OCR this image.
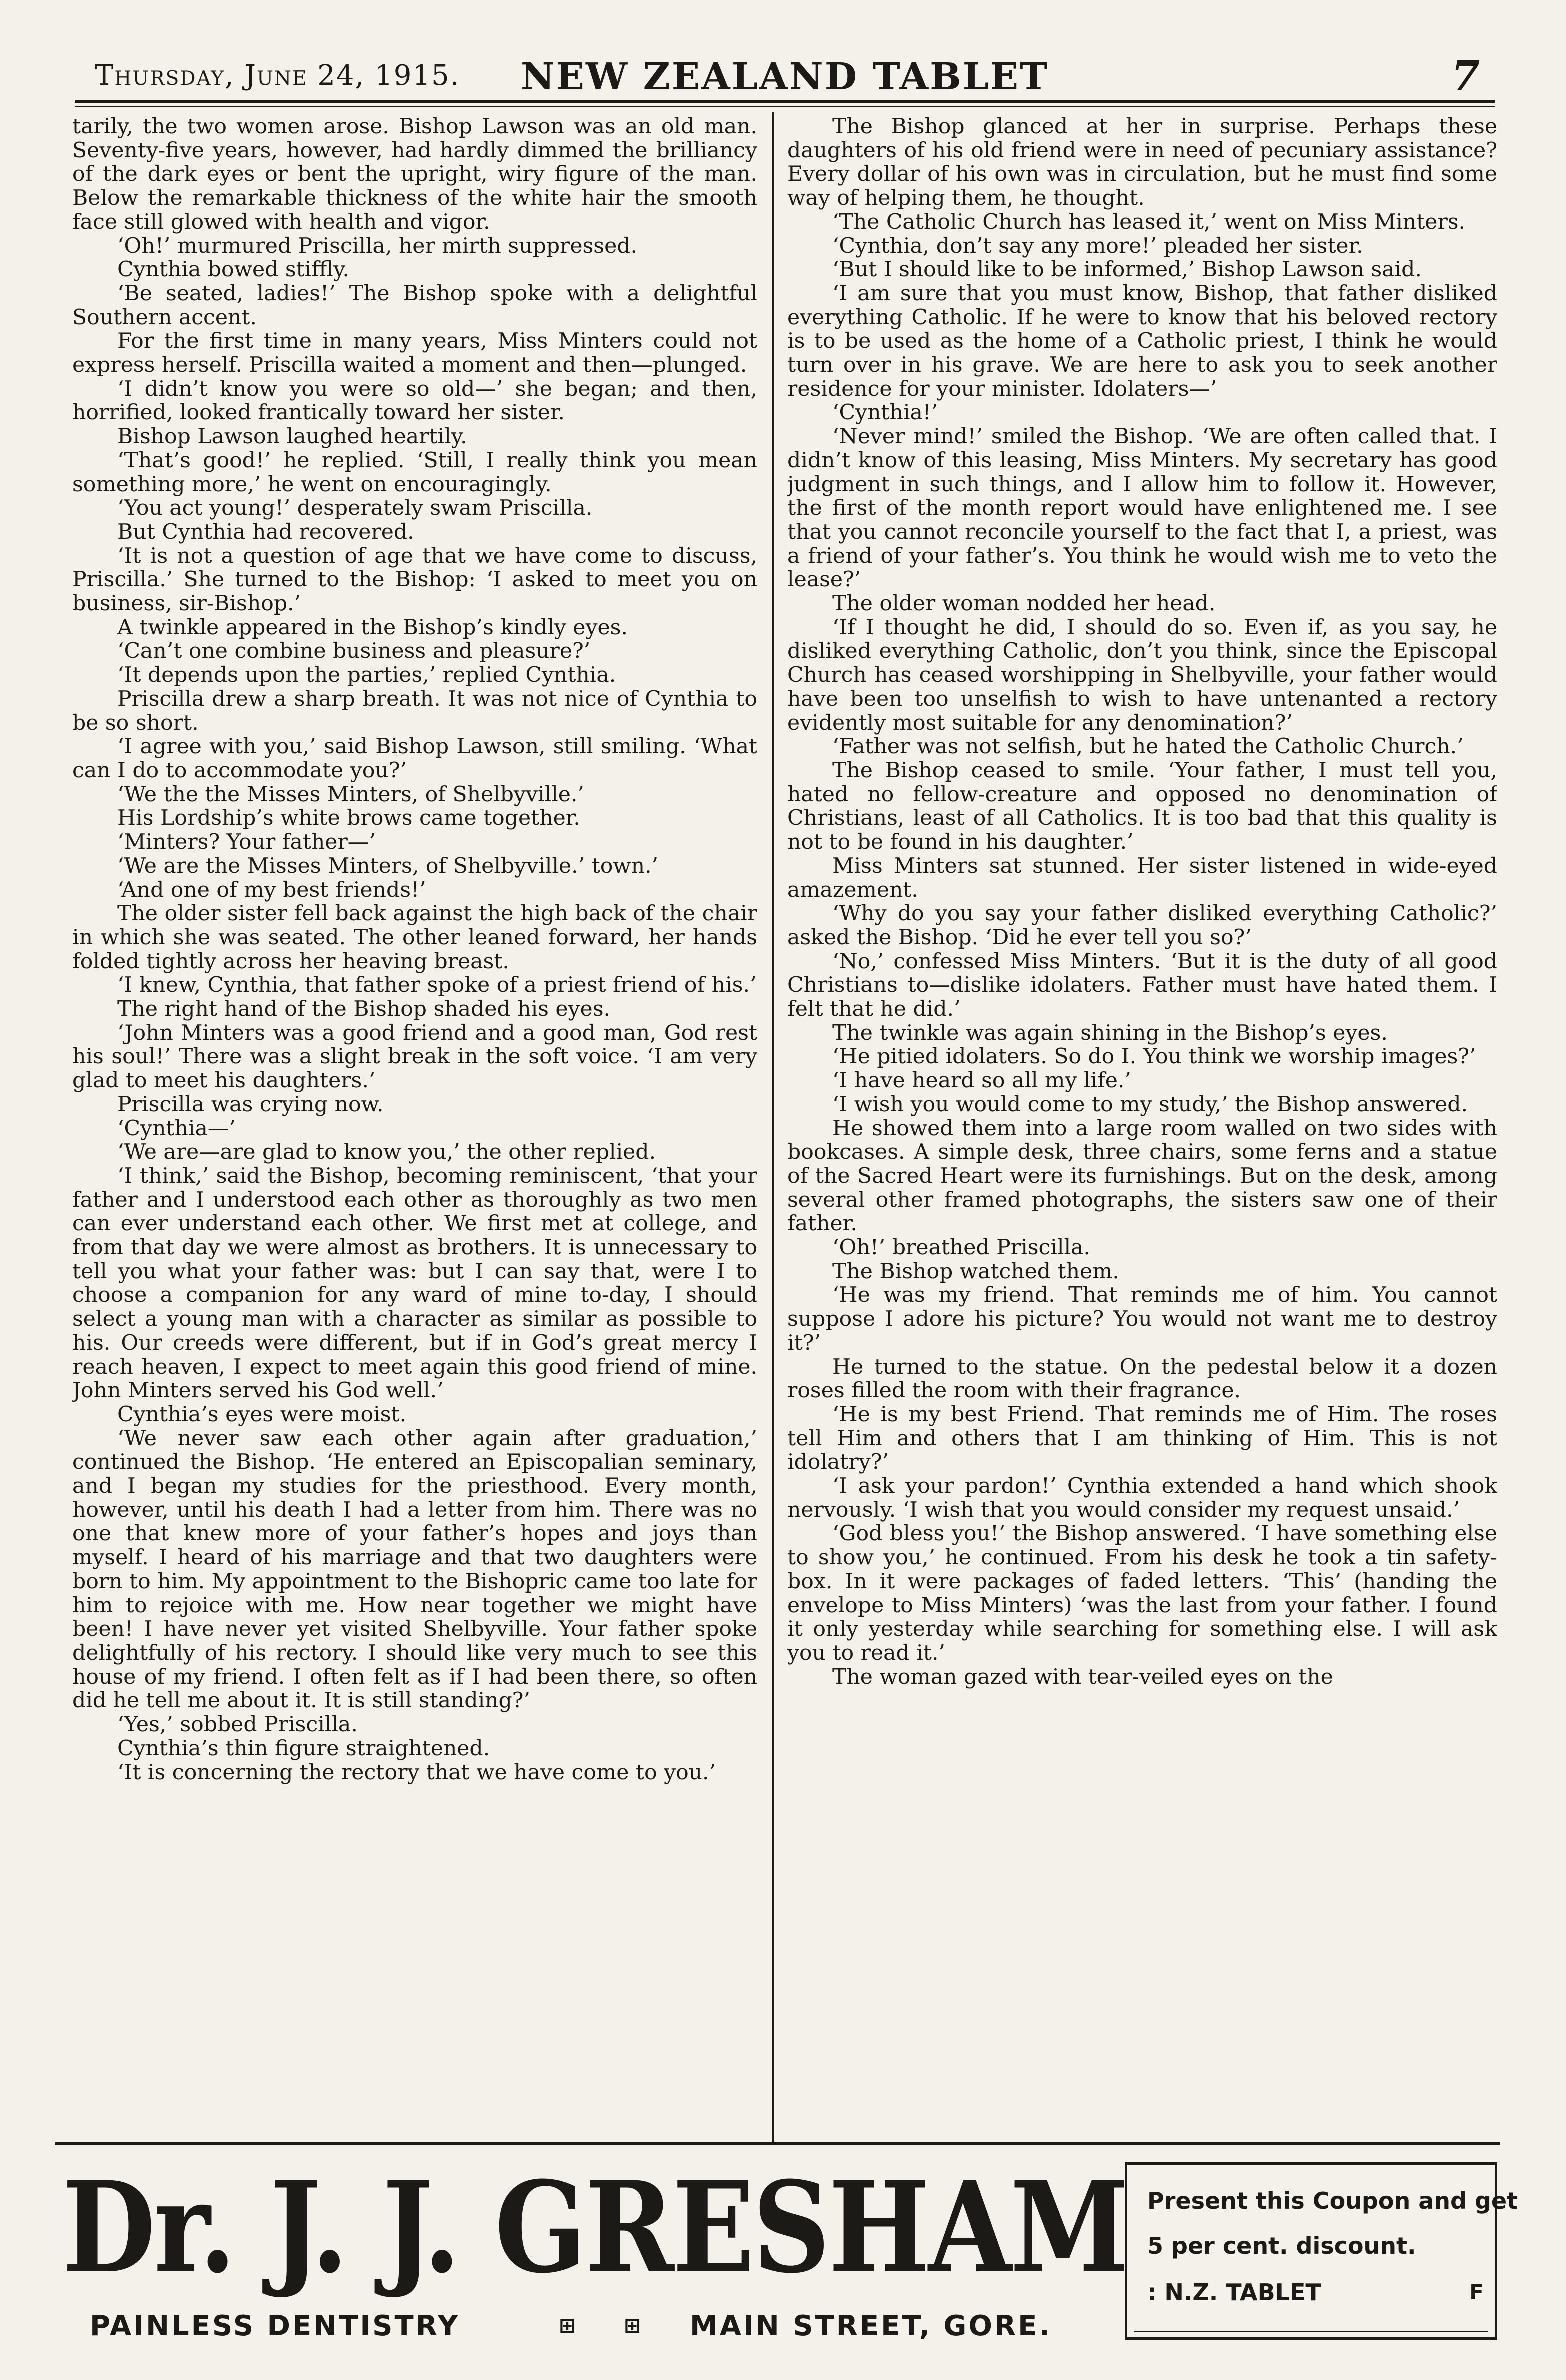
Thursday, June 24, 1915.	NEW ZEALAND TABLET	7

tarily, the two women arose. Bishop Lawson was an old man. Seventy-five years, however, had hardly dimmed the brilliancy of the dark eyes or bent the upright, wiry figure of the man. Below the remarkable thickness of the white hair the smooth face still glowed with health and vigor.

‘Oh!’ murmured Priscilla, her mirth suppressed.

Cynthia bowed stiffly.

‘Be seated, ladies!’ The Bishop spoke with a delightful Southern accent.

For the first time in many years, Miss Minters could not express herself. Priscilla waited a moment and then—plunged.

‘I didn’t know you were so old—’ she began; and then, horrified, looked frantically toward her sister.

Bishop Lawson laughed heartily.

‘That’s good!’ he replied. ‘Still, I really think you mean something more,’ he went on encouragingly.

‘You act young!’ desperately swam Priscilla.

But Cynthia had recovered.

‘It is not a question of age that we have come to discuss, Priscilla.’ She turned to the Bishop: ‘I asked to meet you on business, sir-Bishop.’

A twinkle appeared in the Bishop’s kindly eyes.

‘Can’t one combine business and pleasure?’

‘It depends upon the parties,’ replied Cynthia.

Priscilla drew a sharp breath. It was not nice of Cynthia to be so short.

‘I agree with you,’ said Bishop Lawson, still smiling. ‘What can I do to accommodate you?’

‘We the the Misses Minters, of Shelbyville.’

His Lordship’s white brows came together.

‘Minters? Your father—’

‘We are the Misses Minters, of Shelbyville.’ town.’

‘And one of my best friends!’

The older sister fell back against the high back of the chair in which she was seated. The other leaned forward, her hands folded tightly across her heaving breast.

‘I knew, Cynthia, that father spoke of a priest friend of his.’

The right hand of the Bishop shaded his eyes.

‘John Minters was a good friend and a good man, God rest his soul!’ There was a slight break in the soft voice. ‘I am very glad to meet his daughters.’

Priscilla was crying now.

‘Cynthia—’

‘We are—are glad to know you,’ the other replied.

‘I think,’ said the Bishop, becoming reminiscent, ‘that your father and I understood each other as thoroughly as two men can ever understand each other. We first met at college, and from that day we were almost as brothers. It is unnecessary to tell you what your father was: but I can say that, were I to choose a companion for any ward of mine to-day, I should select a young man with a character as similar as possible to his. Our creeds were different, but if in God’s great mercy I reach heaven, I expect to meet again this good friend of mine. John Minters served his God well.’

Cynthia’s eyes were moist.

‘We never saw each other again after graduation,’ continued the Bishop. ‘He entered an Episcopalian seminary, and I began my studies for the priesthood. Every month, however, until his death I had a letter from him. There was no one that knew more of your father’s hopes and joys than myself. I heard of his marriage and that two daughters were born to him. My appointment to the Bishopric came too late for him to rejoice with me. How near together we might have been! I have never yet visited Shelbyville. Your father spoke delightfully of his rectory. I should like very much to see this house of my friend. I often felt as if I had been there, so often did he tell me about it. It is still standing?’

‘Yes,’ sobbed Priscilla.

Cynthia’s thin figure straightened.

‘It is concerning the rectory that we have come to you.’

The Bishop glanced at her in surprise. Perhaps these daughters of his old friend were in need of pecuniary assistance? Every dollar of his own was in circulation, but he must find some way of helping them, he thought.

‘The Catholic Church has leased it,’ went on Miss Minters.

‘Cynthia, don’t say any more!’ pleaded her sister.

‘But I should like to be informed,’ Bishop Lawson said.

‘I am sure that you must know, Bishop, that father disliked everything Catholic. If he were to know that his beloved rectory is to be used as the home of a Catholic priest, I think he would turn over in his grave. We are here to ask you to seek another residence for your minister. Idolaters—’

‘Cynthia!’

‘Never mind!’ smiled the Bishop. ‘We are often called that. I didn’t know of this leasing, Miss Minters. My secretary has good judgment in such things, and I allow him to follow it. However, the first of the month report would have enlightened me. I see that you cannot reconcile yourself to the fact that I, a priest, was a friend of your father’s. You think he would wish me to veto the lease?’

The older woman nodded her head.

‘If I thought he did, I should do so. Even if, as you say, he disliked everything Catholic, don’t you think, since the Episcopal Church has ceased worshipping in Shelbyville, your father would have been too unselfish to wish to have untenanted a rectory evidently most suitable for any denomination?’

‘Father was not selfish, but he hated the Catholic Church.’

The Bishop ceased to smile. ‘Your father, I must tell you, hated no fellow-creature and opposed no denomination of Christians, least of all Catholics. It is too bad that this quality is not to be found in his daughter.’

Miss Minters sat stunned. Her sister listened in wide-eyed amazement.

‘Why do you say your father disliked everything Catholic?’ asked the Bishop. ‘Did he ever tell you so?’

‘No,’ confessed Miss Minters. ‘But it is the duty of all good Christians to—dislike idolaters. Father must have hated them. I felt that he did.’

The twinkle was again shining in the Bishop’s eyes.

‘He pitied idolaters. So do I. You think we worship images?’

‘I have heard so all my life.’

‘I wish you would come to my study,’ the Bishop answered.

He showed them into a large room walled on two sides with bookcases. A simple desk, three chairs, some ferns and a statue of the Sacred Heart were its furnishings. But on the desk, among several other framed photographs, the sisters saw one of their father.

‘Oh!’ breathed Priscilla.

The Bishop watched them.

‘He was my friend. That reminds me of him. You cannot suppose I adore his picture? You would not want me to destroy it?’

He turned to the statue. On the pedestal below it a dozen roses filled the room with their fragrance.

‘He is my best Friend. That reminds me of Him. The roses tell Him and others that I am thinking of Him. This is not idolatry?’

‘I ask your pardon!’ Cynthia extended a hand which shook nervously. ‘I wish that you would consider my request unsaid.’

‘God bless you!’ the Bishop answered. ‘I have something else to show you,’ he continued. From his desk he took a tin safety-box. In it were packages of faded letters. ‘This’ (handing the envelope to Miss Minters) ‘was the last from your father. I found it only yesterday while searching for something else. I will ask you to read it.’

The woman gazed with tear-veiled eyes on the

Dr. J. J. GRESHAM
PAINLESS DENTISTRY	⊞ ⊞ MAIN STREET, GORE.
Present this Coupon and get
5 per cent. discount.
: N.Z. TABLET	F
